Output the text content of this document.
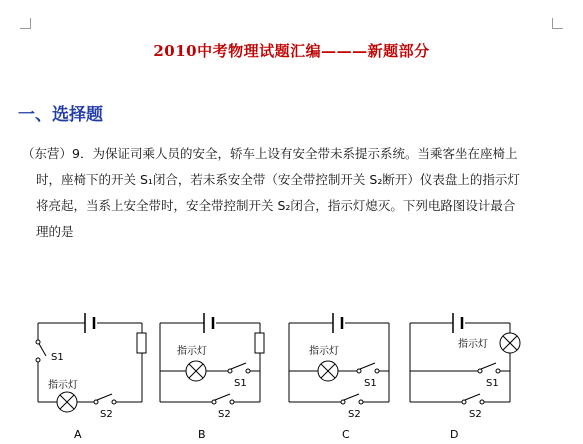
2010中考物理试题汇编———新题部分
一、选择题
（东营）9．为保证司乘人员的安全，轿车上设有安全带未系提示系统。当乘客坐在座椅上
时，座椅下的开关 S₁闭合，若未系安全带（安全带控制开关 S₂断开）仪表盘上的指示灯
将亮起，当系上安全带时，安全带控制开关 S₂闭合，指示灯熄灭。下列电路图设计最合
理的是
S1
指示灯
S2
A
指示灯
S1
S2
B
指示灯
S1
S2
C
指示灯
S1
S2
D
